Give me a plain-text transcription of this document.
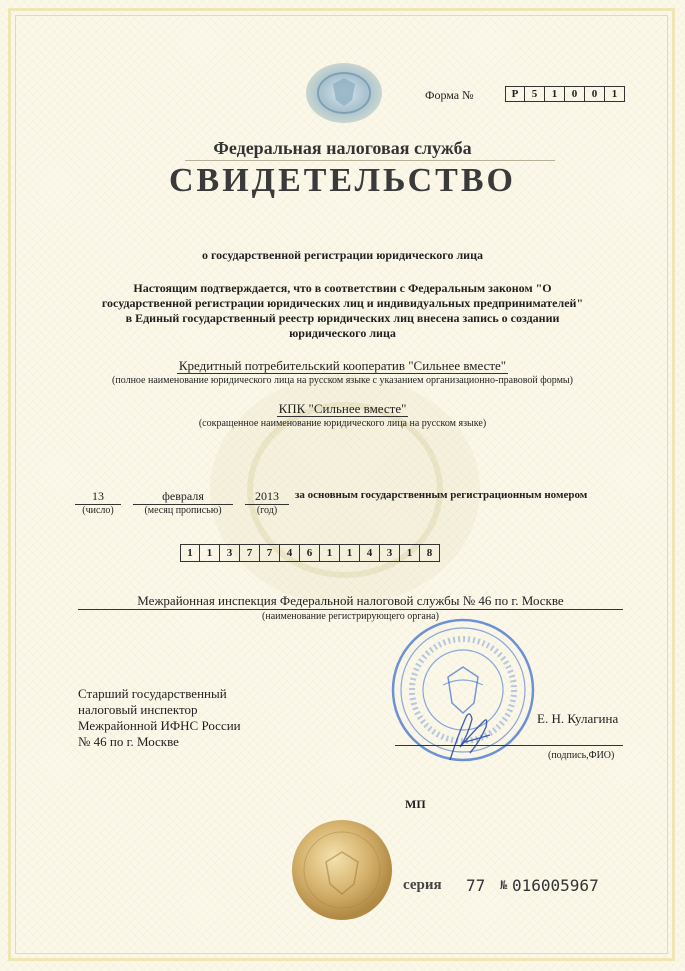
Форма №	Р	5	1	0	0	1
Федеральная налоговая служба
СВИДЕТЕЛЬСТВО
о государственной регистрации юридического лица
Настоящим подтверждается, что в соответствии с Федеральным законом "О
государственной регистрации юридических лиц и индивидуальных предпринимателей"
в Единый государственный реестр юридических лиц внесена запись о создании
юридического лица
Кредитный потребительский кооператив "Сильнее вместе"
(полное наименование юридического лица на русском языке с указанием организационно-правовой формы)
КПК "Сильнее вместе"
(сокращенное наименование юридического лица на русском языке)
13
(число)
февраля
(месяц прописью)
2013
(год)
за основным государственным регистрационным номером
1	1	3	7	7	4	6	1	1	4	3	1	8
Межрайонная инспекция Федеральной налоговой службы № 46 по г. Москве
(наименование регистрирующего органа)
Старший государственный
налоговый инспектор
Межрайонной ИФНС России
№ 46 по г. Москве
Е. Н. Кулагина
(подпись,ФИО)
МП
серия 77 № 016005967
